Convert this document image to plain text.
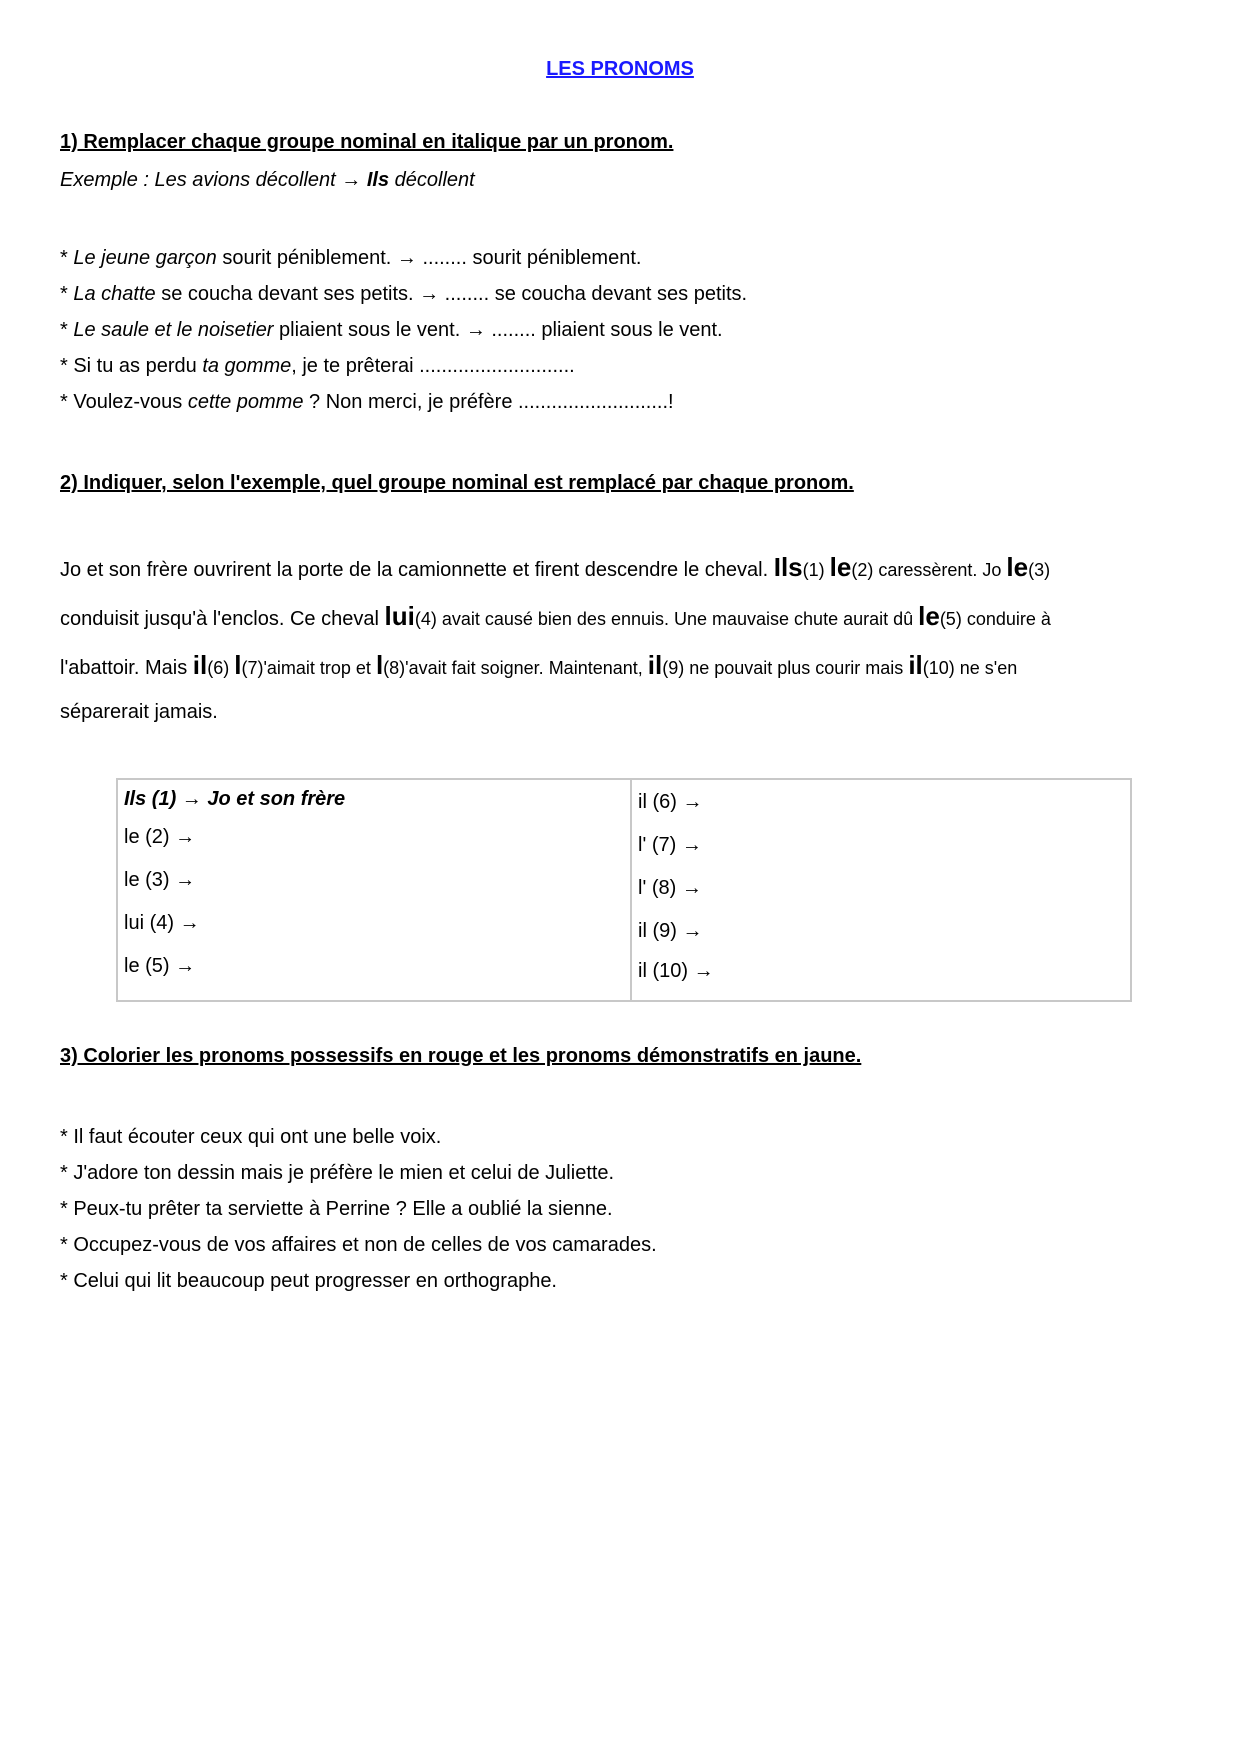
LES PRONOMS
1) Remplacer chaque groupe nominal en italique par un pronom.
Exemple : Les avions décollent → Ils décollent
* Le jeune garçon sourit péniblement. → ........ sourit péniblement.
* La chatte se coucha devant ses petits. → ........ se coucha devant ses petits.
* Le saule et le noisetier pliaient sous le vent. → ........ pliaient sous le vent.
* Si tu as perdu ta gomme, je te prêterai ............................
* Voulez-vous cette pomme ? Non merci, je préfère ...........................!
2) Indiquer, selon l'exemple, quel groupe nominal est remplacé par chaque pronom.
Jo et son frère ouvrirent la porte de la camionnette et firent descendre le cheval. Ils(1) le(2) caressèrent. Jo le(3)
conduisit jusqu'à l'enclos. Ce cheval lui(4) avait causé bien des ennuis. Une mauvaise chute aurait dû le(5) conduire à
l'abattoir. Mais il(6) l(7)'aimait trop et l(8)'avait fait soigner. Maintenant, il(9) ne pouvait plus courir mais il(10) ne s'en
séparerait jamais.
Ils (1) → Jo et son frère
le (2) →
le (3) →
lui (4) →
le (5) →
il (6) →
l' (7) →
l' (8) →
il (9) →
il (10) →
3) Colorier les pronoms possessifs en rouge et les pronoms démonstratifs en jaune.
* Il faut écouter ceux qui ont une belle voix.
* J'adore ton dessin mais je préfère le mien et celui de Juliette.
* Peux-tu prêter ta serviette à Perrine ? Elle a oublié la sienne.
* Occupez-vous de vos affaires et non de celles de vos camarades.
* Celui qui lit beaucoup peut progresser en orthographe.
